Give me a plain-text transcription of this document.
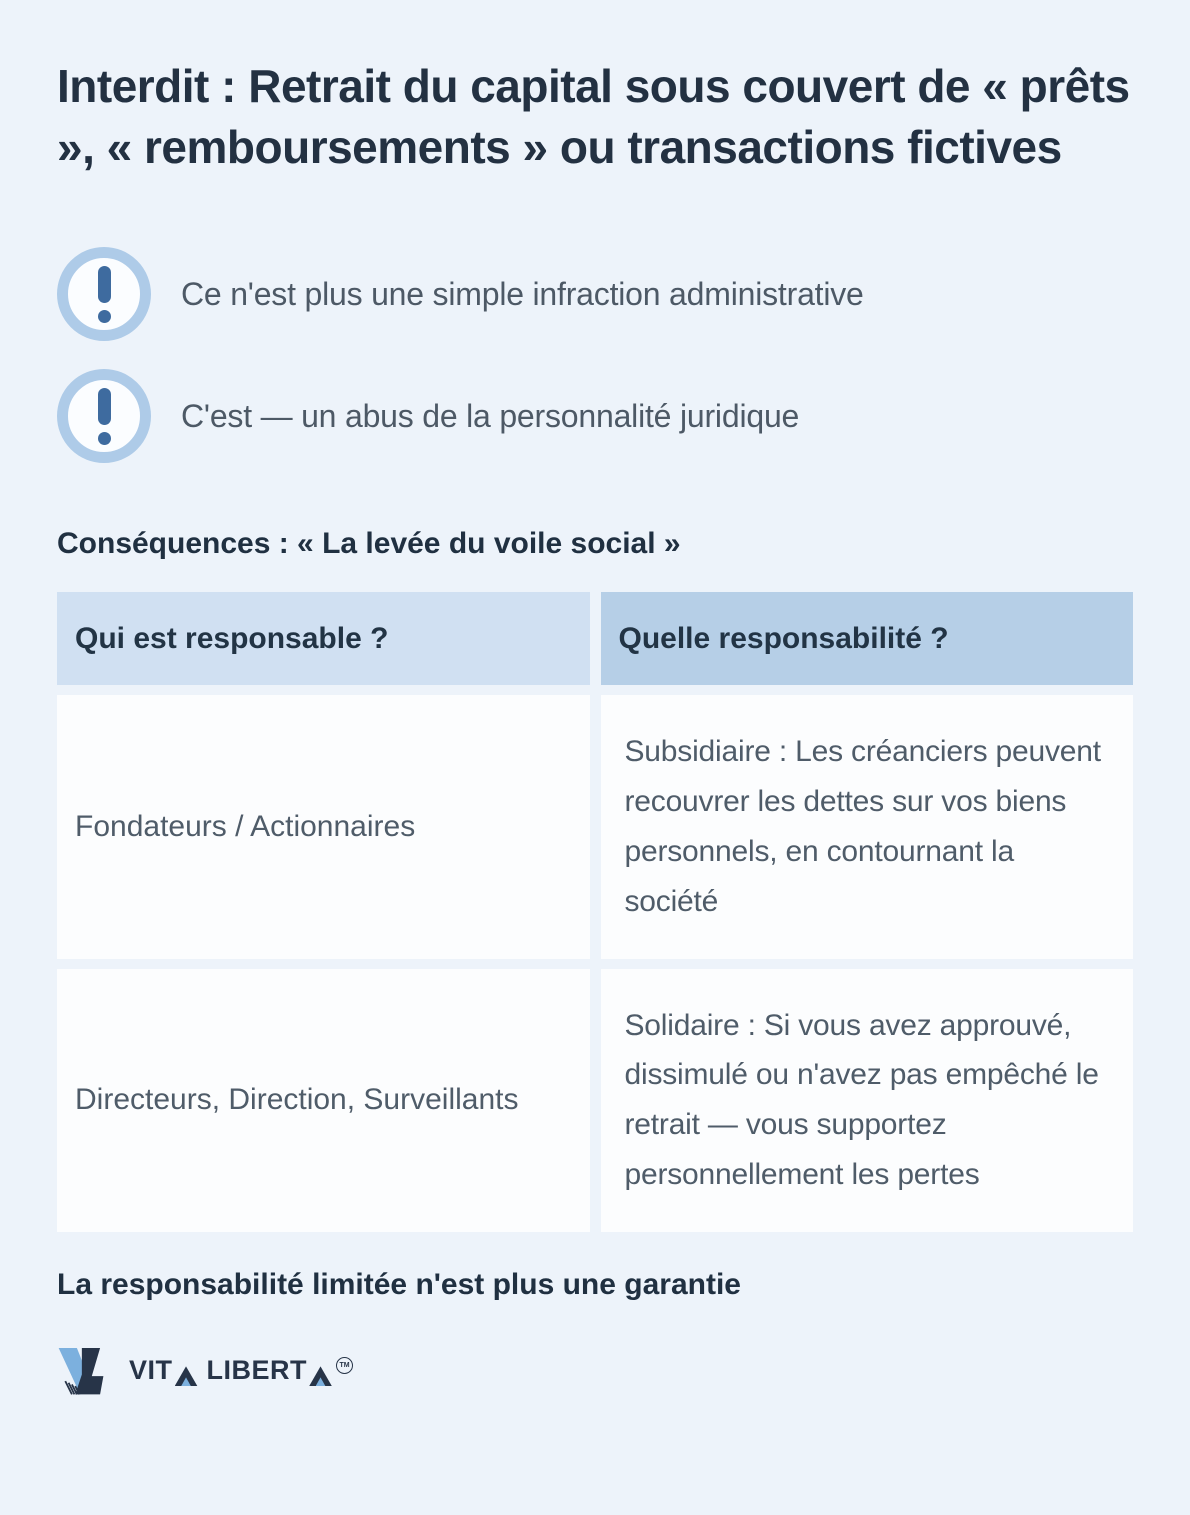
Interdit : Retrait du capital sous couvert de « prêts », « remboursements » ou transactions fictives
Ce n'est plus une simple infraction administrative
C'est — un abus de la personnalité juridique
Conséquences : « La levée du voile social »
Qui est responsable ?	Quelle responsabilité ?
Fondateurs / Actionnaires
Subsidiaire : Les créanciers peuvent recouvrer les dettes sur vos biens personnels, en contournant la société
Directeurs, Direction, Surveillants
Solidaire : Si vous avez approuvé, dissimulé ou n'avez pas empêché le retrait — vous supportez personnellement les pertes
La responsabilité limitée n'est plus une garantie
VIT LIBERT	TM
